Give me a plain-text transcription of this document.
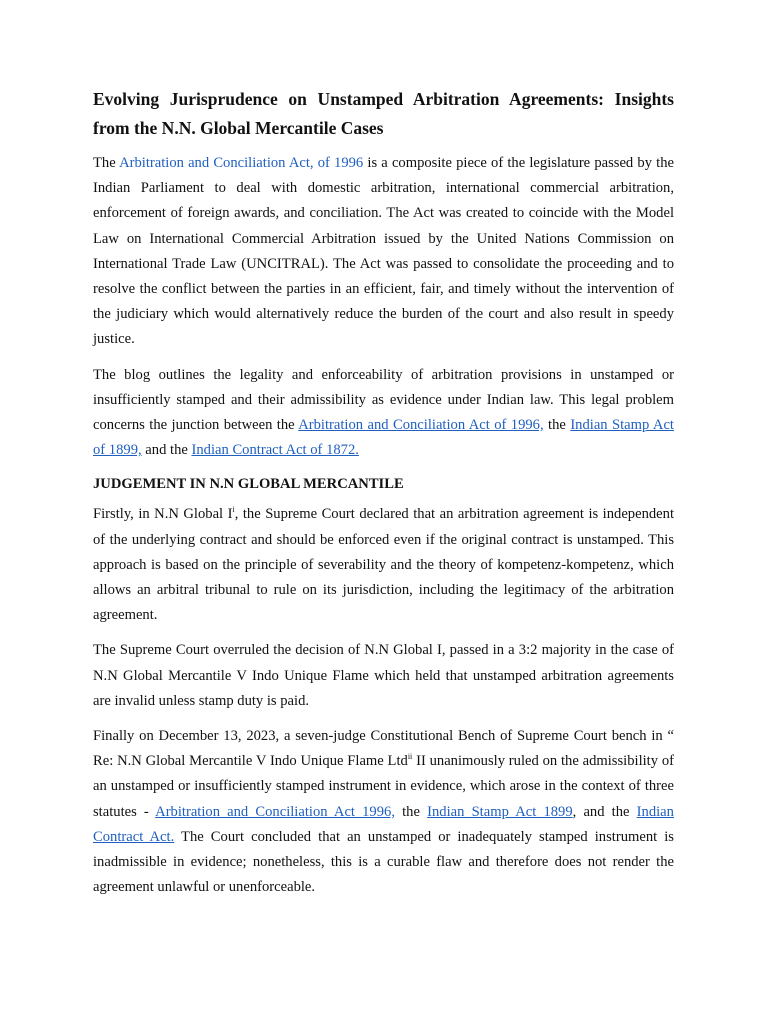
Evolving Jurisprudence on Unstamped Arbitration Agreements: Insights from the N.N. Global Mercantile Cases

The Arbitration and Conciliation Act, of 1996 is a composite piece of the legislature passed by the Indian Parliament to deal with domestic arbitration, international commercial arbitration, enforcement of foreign awards, and conciliation. The Act was created to coincide with the Model Law on International Commercial Arbitration issued by the United Nations Commission on International Trade Law (UNCITRAL). The Act was passed to consolidate the proceeding and to resolve the conflict between the parties in an efficient, fair, and timely without the intervention of the judiciary which would alternatively reduce the burden of the court and also result in speedy justice.

The blog outlines the legality and enforceability of arbitration provisions in unstamped or insufficiently stamped and their admissibility as evidence under Indian law. This legal problem concerns the junction between the Arbitration and Conciliation Act of 1996, the Indian Stamp Act of 1899, and the Indian Contract Act of 1872.

JUDGEMENT IN N.N GLOBAL MERCANTILE

Firstly, in N.N Global $I^i$, the Supreme Court declared that an arbitration agreement is independent of the underlying contract and should be enforced even if the original contract is unstamped. This approach is based on the principle of severability and the theory of kompetenz-kompetenz, which allows an arbitral tribunal to rule on its jurisdiction, including the legitimacy of the arbitration agreement.

The Supreme Court overruled the decision of N.N Global I, passed in a 3:2 majority in the case of N.N Global Mercantile V Indo Unique Flame which held that unstamped arbitration agreements are invalid unless stamp duty is paid.

Finally on December 13, 2023, a seven-judge Constitutional Bench of Supreme Court bench in “ Re: N.N Global Mercantile V Indo Unique Flame Ltd$^{ii}$ II unanimously ruled on the admissibility of an unstamped or insufficiently stamped instrument in evidence, which arose in the context of three statutes - Arbitration and Conciliation Act 1996, the Indian Stamp Act 1899, and the Indian Contract Act. The Court concluded that an unstamped or inadequately stamped instrument is inadmissible in evidence; nonetheless, this is a curable flaw and therefore does not render the agreement unlawful or unenforceable.
